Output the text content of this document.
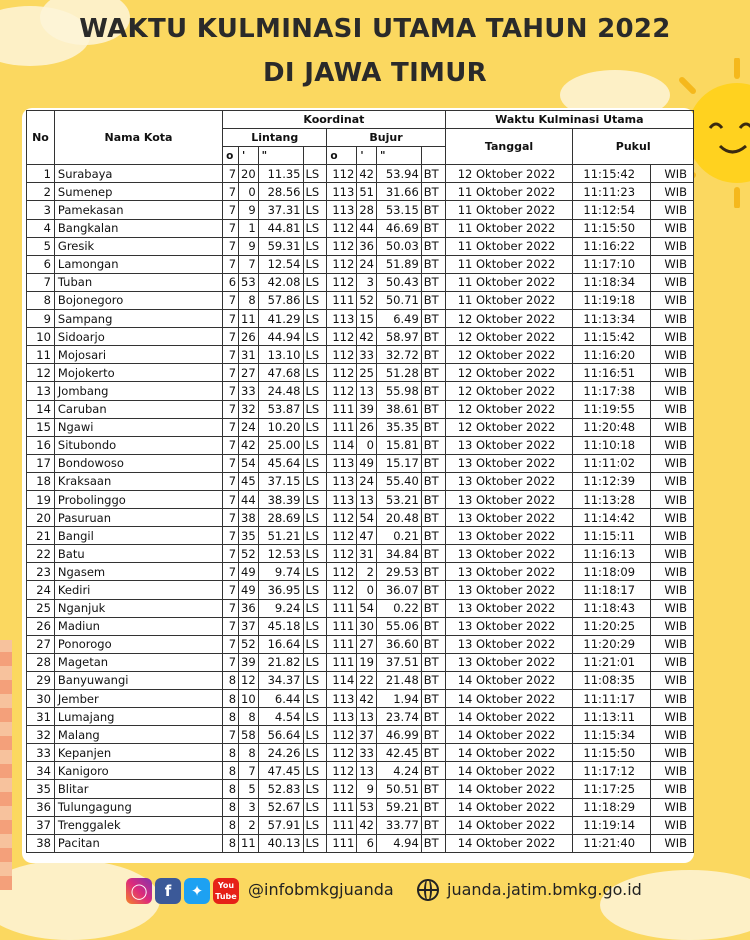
WAKTU KULMINASI UTAMA TAHUN 2022
DI JAWA TIMUR
No	Nama Kota	Koordinat								Waktu Kulminasi Utama		
		Lintang				Bujur				Tanggal	Pukul	
		o	'	"		o	'	"				
1	Surabaya	7	20	11.35	LS	112	42	53.94	BT	12 Oktober 2022	11:15:42	WIB
2	Sumenep	7	0	28.56	LS	113	51	31.66	BT	11 Oktober 2022	11:11:23	WIB
3	Pamekasan	7	9	37.31	LS	113	28	53.15	BT	11 Oktober 2022	11:12:54	WIB
4	Bangkalan	7	1	44.81	LS	112	44	46.69	BT	11 Oktober 2022	11:15:50	WIB
5	Gresik	7	9	59.31	LS	112	36	50.03	BT	11 Oktober 2022	11:16:22	WIB
6	Lamongan	7	7	12.54	LS	112	24	51.89	BT	11 Oktober 2022	11:17:10	WIB
7	Tuban	6	53	42.08	LS	112	3	50.43	BT	11 Oktober 2022	11:18:34	WIB
8	Bojonegoro	7	8	57.86	LS	111	52	50.71	BT	11 Oktober 2022	11:19:18	WIB
9	Sampang	7	11	41.29	LS	113	15	6.49	BT	12 Oktober 2022	11:13:34	WIB
10	Sidoarjo	7	26	44.94	LS	112	42	58.97	BT	12 Oktober 2022	11:15:42	WIB
11	Mojosari	7	31	13.10	LS	112	33	32.72	BT	12 Oktober 2022	11:16:20	WIB
12	Mojokerto	7	27	47.68	LS	112	25	51.28	BT	12 Oktober 2022	11:16:51	WIB
13	Jombang	7	33	24.48	LS	112	13	55.98	BT	12 Oktober 2022	11:17:38	WIB
14	Caruban	7	32	53.87	LS	111	39	38.61	BT	12 Oktober 2022	11:19:55	WIB
15	Ngawi	7	24	10.20	LS	111	26	35.35	BT	12 Oktober 2022	11:20:48	WIB
16	Situbondo	7	42	25.00	LS	114	0	15.81	BT	13 Oktober 2022	11:10:18	WIB
17	Bondowoso	7	54	45.64	LS	113	49	15.17	BT	13 Oktober 2022	11:11:02	WIB
18	Kraksaan	7	45	37.15	LS	113	24	55.40	BT	13 Oktober 2022	11:12:39	WIB
19	Probolinggo	7	44	38.39	LS	113	13	53.21	BT	13 Oktober 2022	11:13:28	WIB
20	Pasuruan	7	38	28.69	LS	112	54	20.48	BT	13 Oktober 2022	11:14:42	WIB
21	Bangil	7	35	51.21	LS	112	47	0.21	BT	13 Oktober 2022	11:15:11	WIB
22	Batu	7	52	12.53	LS	112	31	34.84	BT	13 Oktober 2022	11:16:13	WIB
23	Ngasem	7	49	9.74	LS	112	2	29.53	BT	13 Oktober 2022	11:18:09	WIB
24	Kediri	7	49	36.95	LS	112	0	36.07	BT	13 Oktober 2022	11:18:17	WIB
25	Nganjuk	7	36	9.24	LS	111	54	0.22	BT	13 Oktober 2022	11:18:43	WIB
26	Madiun	7	37	45.18	LS	111	30	55.06	BT	13 Oktober 2022	11:20:25	WIB
27	Ponorogo	7	52	16.64	LS	111	27	36.60	BT	13 Oktober 2022	11:20:29	WIB
28	Magetan	7	39	21.82	LS	111	19	37.51	BT	13 Oktober 2022	11:21:01	WIB
29	Banyuwangi	8	12	34.37	LS	114	22	21.48	BT	14 Oktober 2022	11:08:35	WIB
30	Jember	8	10	6.44	LS	113	42	1.94	BT	14 Oktober 2022	11:11:17	WIB
31	Lumajang	8	8	4.54	LS	113	13	23.74	BT	14 Oktober 2022	11:13:11	WIB
32	Malang	7	58	56.64	LS	112	37	46.99	BT	14 Oktober 2022	11:15:34	WIB
33	Kepanjen	8	8	24.26	LS	112	33	42.45	BT	14 Oktober 2022	11:15:50	WIB
34	Kanigoro	8	7	47.45	LS	112	13	4.24	BT	14 Oktober 2022	11:17:12	WIB
35	Blitar	8	5	52.83	LS	112	9	50.51	BT	14 Oktober 2022	11:17:25	WIB
36	Tulungagung	8	3	52.67	LS	111	53	59.21	BT	14 Oktober 2022	11:18:29	WIB
37	Trenggalek	8	2	57.91	LS	111	42	33.77	BT	14 Oktober 2022	11:19:14	WIB
38	Pacitan	8	11	40.13	LS	111	6	4.94	BT	14 Oktober 2022	11:21:40	WIB
◯	f	✦	You Tube @infobmkgjuanda	juanda.jatim.bmkg.go.id
